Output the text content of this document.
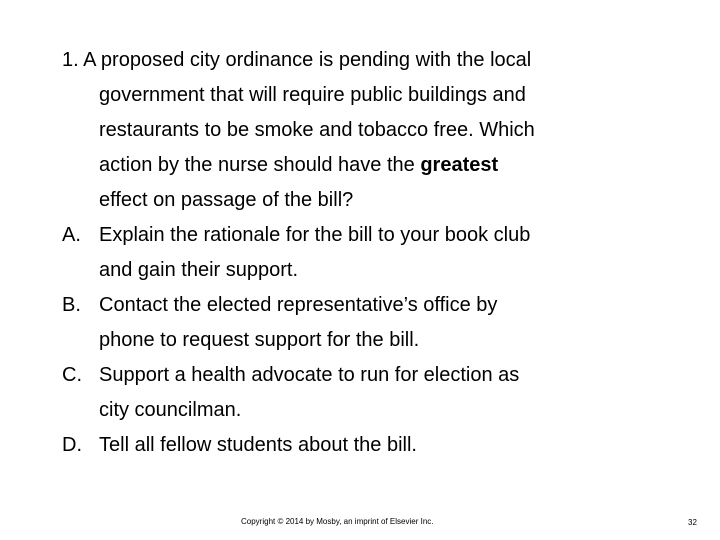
1. A proposed city ordinance is pending with the local
government that will require public buildings and
restaurants to be smoke and tobacco free. Which
action by the nurse should have the greatest
effect on passage of the bill?
A. Explain the rationale for the bill to your book club
and gain their support.
B. Contact the elected representative’s office by
phone to request support for the bill.
C. Support a health advocate to run for election as
city councilman.
D. Tell all fellow students about the bill.
Copyright © 2014 by Mosby, an imprint of Elsevier Inc.	32
